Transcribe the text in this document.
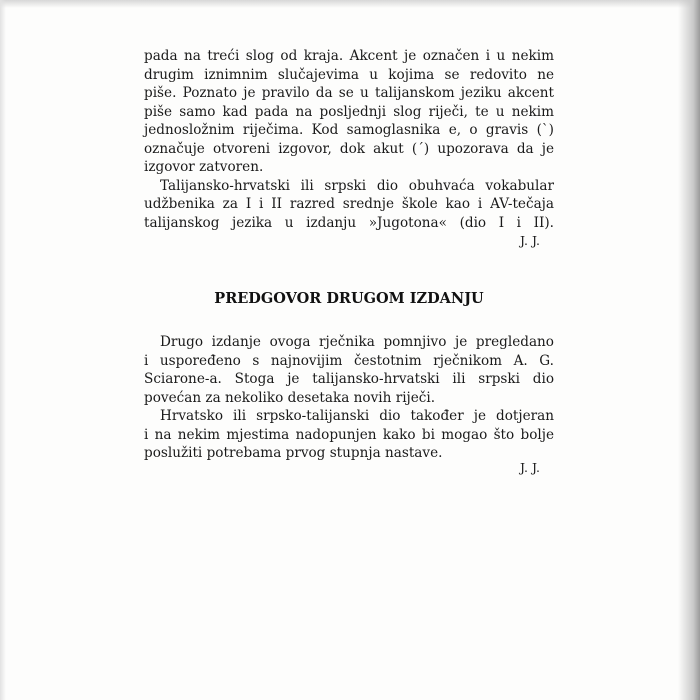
pada na treći slog od kraja. Akcent je označen i u nekim
drugim iznimnim slučajevima u kojima se redovito ne
piše. Poznato je pravilo da se u talijanskom jeziku akcent
piše samo kad pada na posljednji slog riječi, te u nekim
jednosložnim riječima. Kod samoglasnika e, o gravis (`)
označuje otvoreni izgovor, dok akut (´) upozorava da je
izgovor zatvoren.
Talijansko-hrvatski ili srpski dio obuhvaća vokabular
udžbenika za I i II razred srednje škole kao i AV-tečaja
talijanskog jezika u izdanju »Jugotona« (dio I i II).
J. J.
PREDGOVOR DRUGOM IZDANJU
Drugo izdanje ovoga rječnika pomnjivo je pregledano
i uspoređeno s najnovijim čestotnim rječnikom A. G.
Sciarone-a. Stoga je talijansko-hrvatski ili srpski dio
povećan za nekoliko desetaka novih riječi.
Hrvatsko ili srpsko-talijanski dio također je dotjeran
i na nekim mjestima nadopunjen kako bi mogao što bolje
poslužiti potrebama prvog stupnja nastave.
J. J.
